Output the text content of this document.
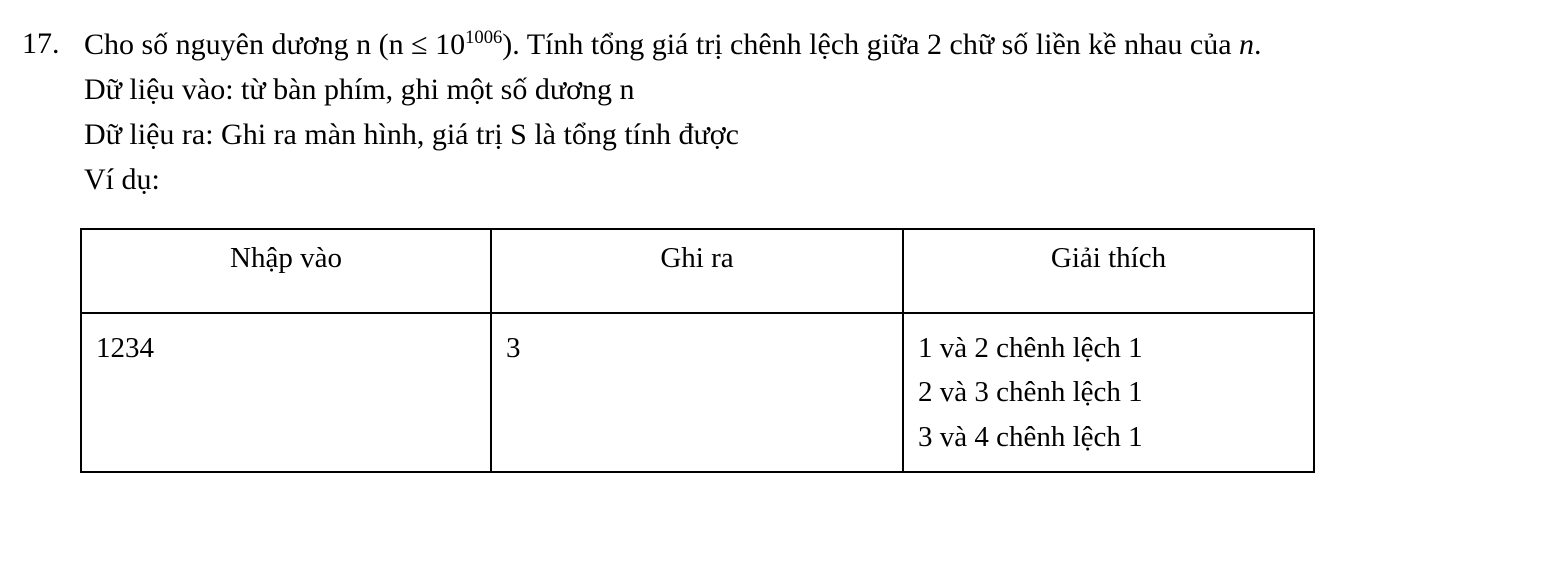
17. Cho số nguyên dương n $(n \le 10^{1006})$. Tính tổng giá trị chênh lệch giữa 2 chữ số liền kề nhau của n.

Dữ liệu vào: từ bàn phím, ghi một số dương n

Dữ liệu ra: Ghi ra màn hình, giá trị S là tổng tính được

Ví dụ:

Nhập vào	Ghi ra	Giải thích
1234	3	1 và 2 chênh lệch 1
2 và 3 chênh lệch 1
3 và 4 chênh lệch 1
